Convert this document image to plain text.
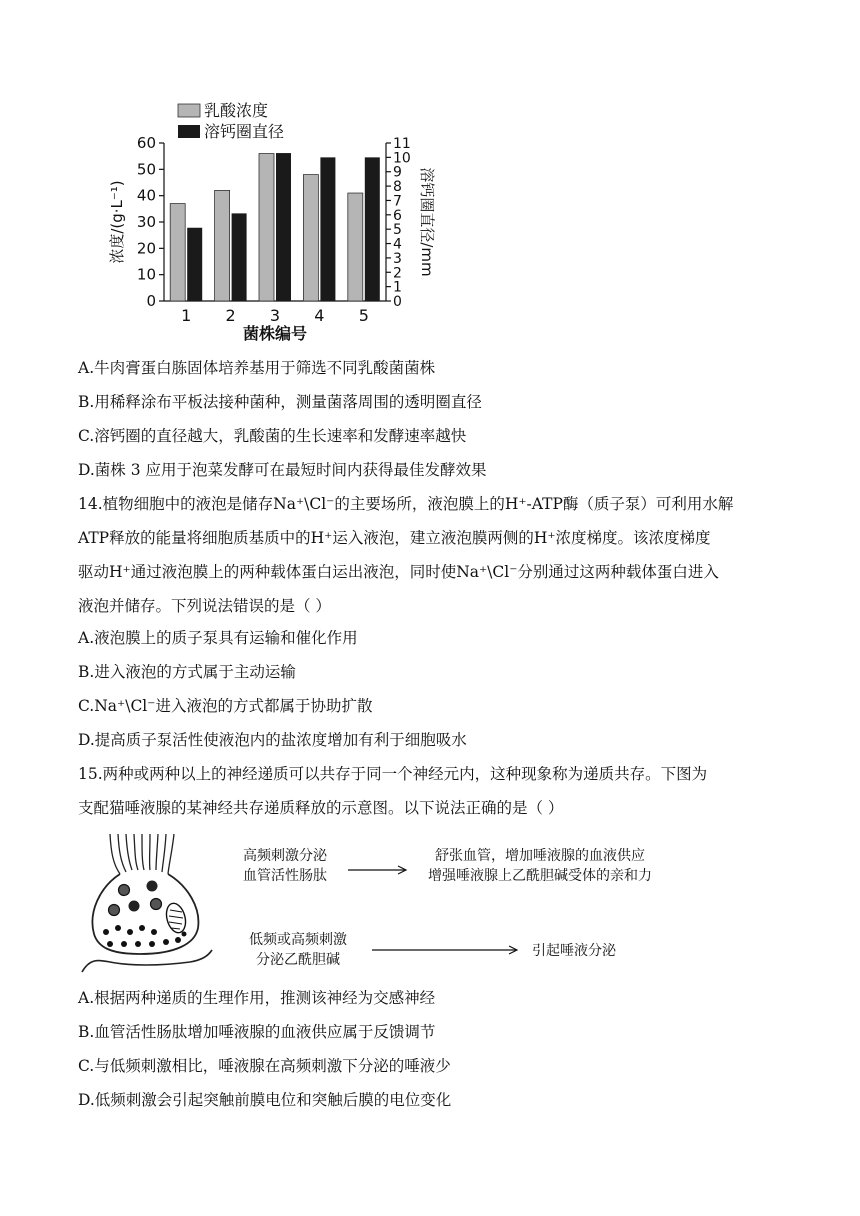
乳酸浓度
溶钙圈直径
0
10
20
30
40
50
60
0
1
2
3
4
5
6
7
8
9
10
11
1 2 3 4 5
菌株编号
浓度/(g·L⁻¹)	溶钙圈直径/mm
A.牛肉膏蛋白胨固体培养基用于筛选不同乳酸菌菌株
B.用稀释涂布平板法接种菌种，测量菌落周围的透明圈直径
C.溶钙圈的直径越大，乳酸菌的生长速率和发酵速率越快
D.菌株 3 应用于泡菜发酵可在最短时间内获得最佳发酵效果
14.植物细胞中的液泡是储存Na⁺\Cl⁻的主要场所，液泡膜上的H⁺-ATP酶（质子泵）可利用水解
ATP释放的能量将细胞质基质中的H⁺运入液泡，建立液泡膜两侧的H⁺浓度梯度。该浓度梯度
驱动H⁺通过液泡膜上的两种载体蛋白运出液泡，同时使Na⁺\Cl⁻分别通过这两种载体蛋白进入
液泡并储存。下列说法错误的是（ ）
A.液泡膜上的质子泵具有运输和催化作用
B.进入液泡的方式属于主动运输
C.Na⁺\Cl⁻进入液泡的方式都属于协助扩散
D.提高质子泵活性使液泡内的盐浓度增加有利于细胞吸水
15.两种或两种以上的神经递质可以共存于同一个神经元内，这种现象称为递质共存。下图为
支配猫唾液腺的某神经共存递质释放的示意图。以下说法正确的是（ ）
高频刺激分泌
血管活性肠肽
舒张血管，增加唾液腺的血液供应
增强唾液腺上乙酰胆碱受体的亲和力
低频或高频刺激
分泌乙酰胆碱
引起唾液分泌
A.根据两种递质的生理作用，推测该神经为交感神经
B.血管活性肠肽增加唾液腺的血液供应属于反馈调节
C.与低频刺激相比，唾液腺在高频刺激下分泌的唾液少
D.低频刺激会引起突触前膜电位和突触后膜的电位变化
